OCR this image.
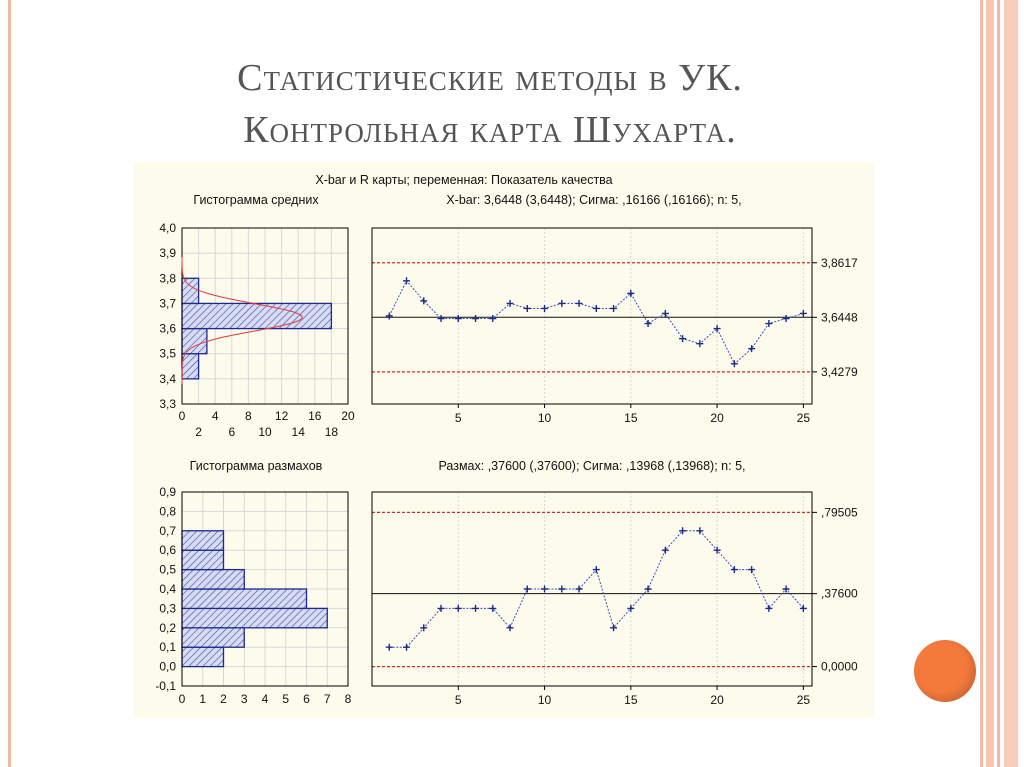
Статистические методы в УК.
Контрольная карта Шухарта.
X-bar и R карты; переменная: Показатель качества
Гистограмма средних	X-bar: 3,6448 (3,6448); Сигма: ,16166 (,16166); n: 5,
Гистограмма размахов	Размах: ,37600 (,37600); Сигма: ,13968 (,13968); n: 5,
4,0
3,9
3,8
3,7
3,6
3,5
3,4
3,3
0 4 8 12 16 20
2 6 10 14 18
3,8617
3,6448
3,4279
5	10	15	20	25
0,9
0,8
0,7
0,6
0,5
0,4
0,3
0,2
0,1
0,0
-0,1
0 1 2 3 4 5 6 7 8
,79505
,37600
0,0000
5	10	15	20	25
